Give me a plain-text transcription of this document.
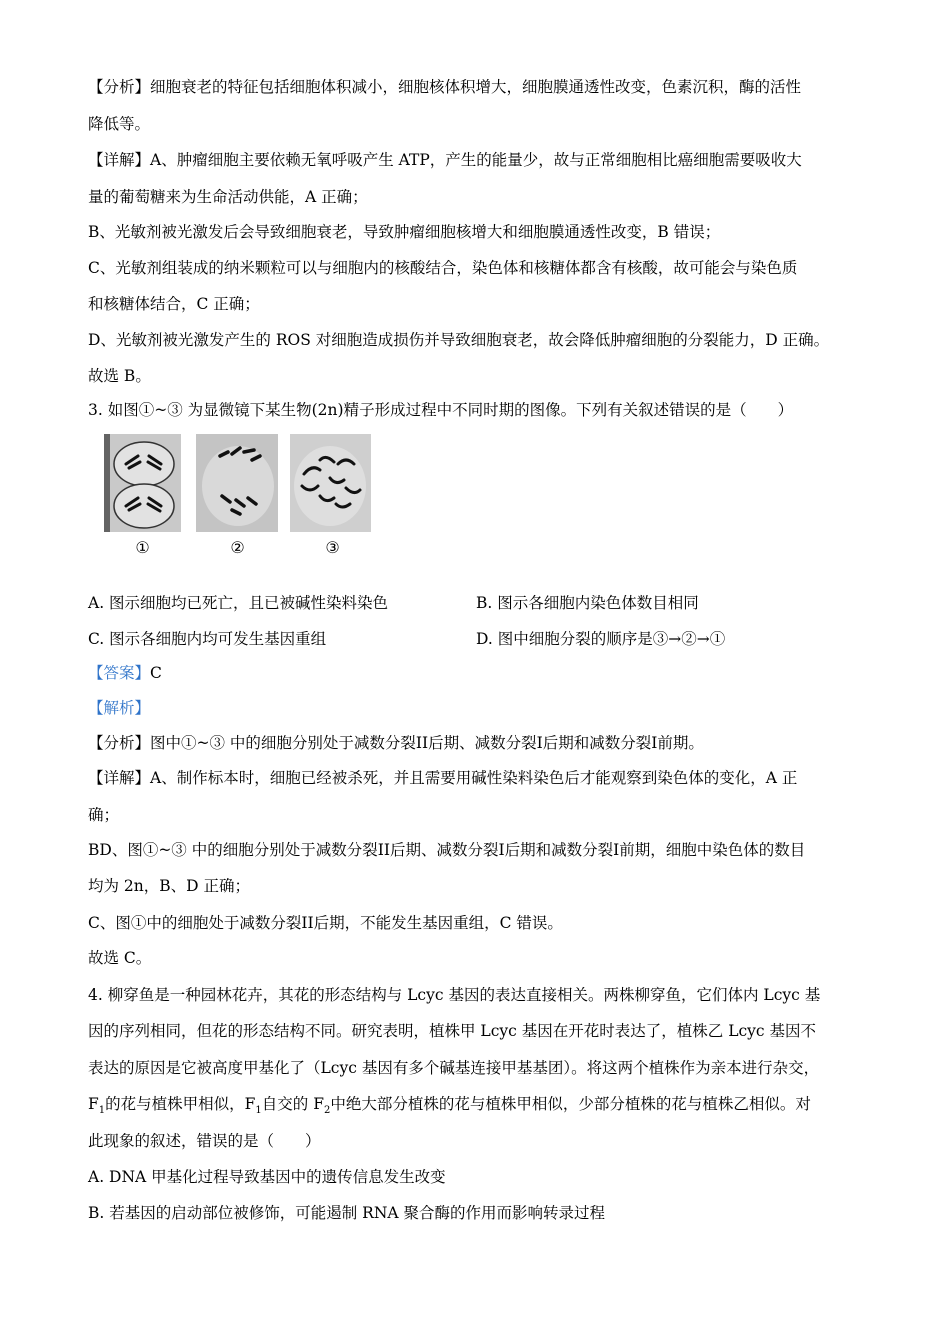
【分析】细胞衰老的特征包括细胞体积减小，细胞核体积增大，细胞膜通透性改变，色素沉积，酶的活性
降低等。
【详解】A、肿瘤细胞主要依赖无氧呼吸产生 ATP，产生的能量少，故与正常细胞相比癌细胞需要吸收大
量的葡萄糖来为生命活动供能，A 正确；
B、光敏剂被光激发后会导致细胞衰老，导致肿瘤细胞核增大和细胞膜通透性改变，B 错误；
C、光敏剂组装成的纳米颗粒可以与细胞内的核酸结合，染色体和核糖体都含有核酸，故可能会与染色质
和核糖体结合，C 正确；
D、光敏剂被光激发产生的 ROS 对细胞造成损伤并导致细胞衰老，故会降低肿瘤细胞的分裂能力，D 正确。
故选 B。
3. 如图①~③ 为显微镜下某生物(2n)精子形成过程中不同时期的图像。下列有关叙述错误的是（　　）
①	②	③
A. 图示细胞均已死亡，且已被碱性染料染色	B. 图示各细胞内染色体数目相同
C. 图示各细胞内均可发生基因重组	D. 图中细胞分裂的顺序是③→②→①
【答案】C
【解析】
【分析】图中①~③ 中的细胞分别处于减数分裂II后期、减数分裂I后期和减数分裂I前期。
【详解】A、制作标本时，细胞已经被杀死，并且需要用碱性染料染色后才能观察到染色体的变化，A 正
确；
BD、图①~③ 中的细胞分别处于减数分裂II后期、减数分裂I后期和减数分裂I前期，细胞中染色体的数目
均为 2n，B、D 正确；
C、图①中的细胞处于减数分裂II后期，不能发生基因重组，C 错误。
故选 C。
4. 柳穿鱼是一种园林花卉，其花的形态结构与 Lcyc 基因的表达直接相关。两株柳穿鱼，它们体内 Lcyc 基
因的序列相同，但花的形态结构不同。研究表明，植株甲 Lcyc 基因在开花时表达了，植株乙 Lcyc 基因不
表达的原因是它被高度甲基化了（Lcyc 基因有多个碱基连接甲基基团）。将这两个植株作为亲本进行杂交，
$F_1$的花与植株甲相似，$F_1$自交的 $F_2$中绝大部分植株的花与植株甲相似，少部分植株的花与植株乙相似。对
此现象的叙述，错误的是（　　）
A. DNA 甲基化过程导致基因中的遗传信息发生改变
B. 若基因的启动部位被修饰，可能遏制 RNA 聚合酶的作用而影响转录过程
